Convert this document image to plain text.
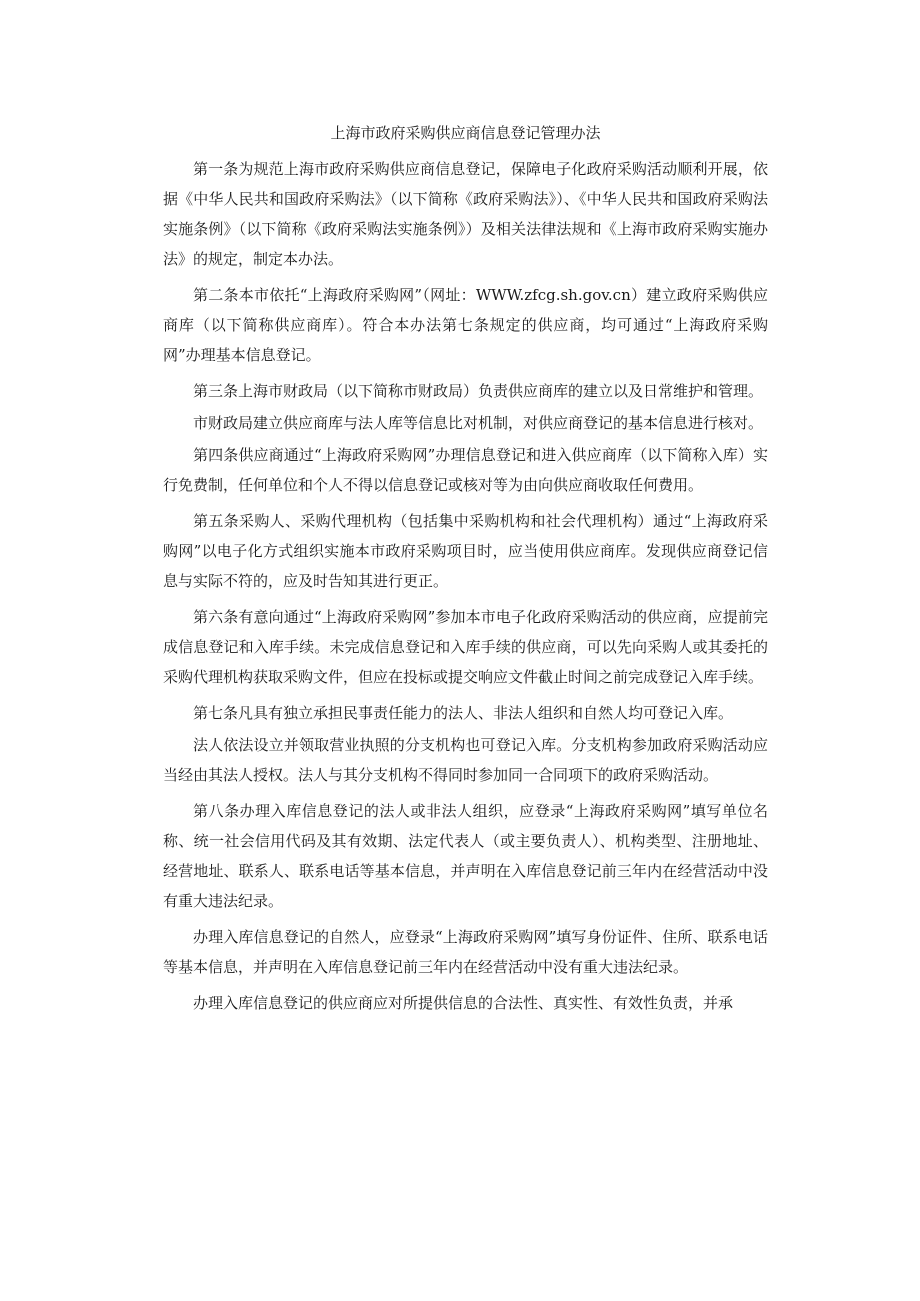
上海市政府采购供应商信息登记管理办法

第一条为规范上海市政府采购供应商信息登记，保障电子化政府采购活动顺利开展，依据《中华人民共和国政府采购法》（以下简称《政府采购法》）、《中华人民共和国政府采购法实施条例》（以下简称《政府采购法实施条例》）及相关法律法规和《上海市政府采购实施办法》的规定，制定本办法。

第二条本市依托“上海政府采购网”（网址：WWW.zfcg.sh.gov.cn）建立政府采购供应商库（以下简称供应商库）。符合本办法第七条规定的供应商，均可通过“上海政府采购网”办理基本信息登记。

第三条上海市财政局（以下简称市财政局）负责供应商库的建立以及日常维护和管理。

市财政局建立供应商库与法人库等信息比对机制，对供应商登记的基本信息进行核对。

第四条供应商通过“上海政府采购网”办理信息登记和进入供应商库（以下简称入库）实行免费制，任何单位和个人不得以信息登记或核对等为由向供应商收取任何费用。

第五条采购人、采购代理机构（包括集中采购机构和社会代理机构）通过“上海政府采购网”以电子化方式组织实施本市政府采购项目时，应当使用供应商库。发现供应商登记信息与实际不符的，应及时告知其进行更正。

第六条有意向通过“上海政府采购网”参加本市电子化政府采购活动的供应商，应提前完成信息登记和入库手续。未完成信息登记和入库手续的供应商，可以先向采购人或其委托的采购代理机构获取采购文件，但应在投标或提交响应文件截止时间之前完成登记入库手续。

第七条凡具有独立承担民事责任能力的法人、非法人组织和自然人均可登记入库。

法人依法设立并领取营业执照的分支机构也可登记入库。分支机构参加政府采购活动应当经由其法人授权。法人与其分支机构不得同时参加同一合同项下的政府采购活动。

第八条办理入库信息登记的法人或非法人组织，应登录“上海政府采购网”填写单位名称、统一社会信用代码及其有效期、法定代表人（或主要负责人）、机构类型、注册地址、经营地址、联系人、联系电话等基本信息，并声明在入库信息登记前三年内在经营活动中没有重大违法纪录。

办理入库信息登记的自然人，应登录“上海政府采购网”填写身份证件、住所、联系电话等基本信息，并声明在入库信息登记前三年内在经营活动中没有重大违法纪录。

办理入库信息登记的供应商应对所提供信息的合法性、真实性、有效性负责，并承
